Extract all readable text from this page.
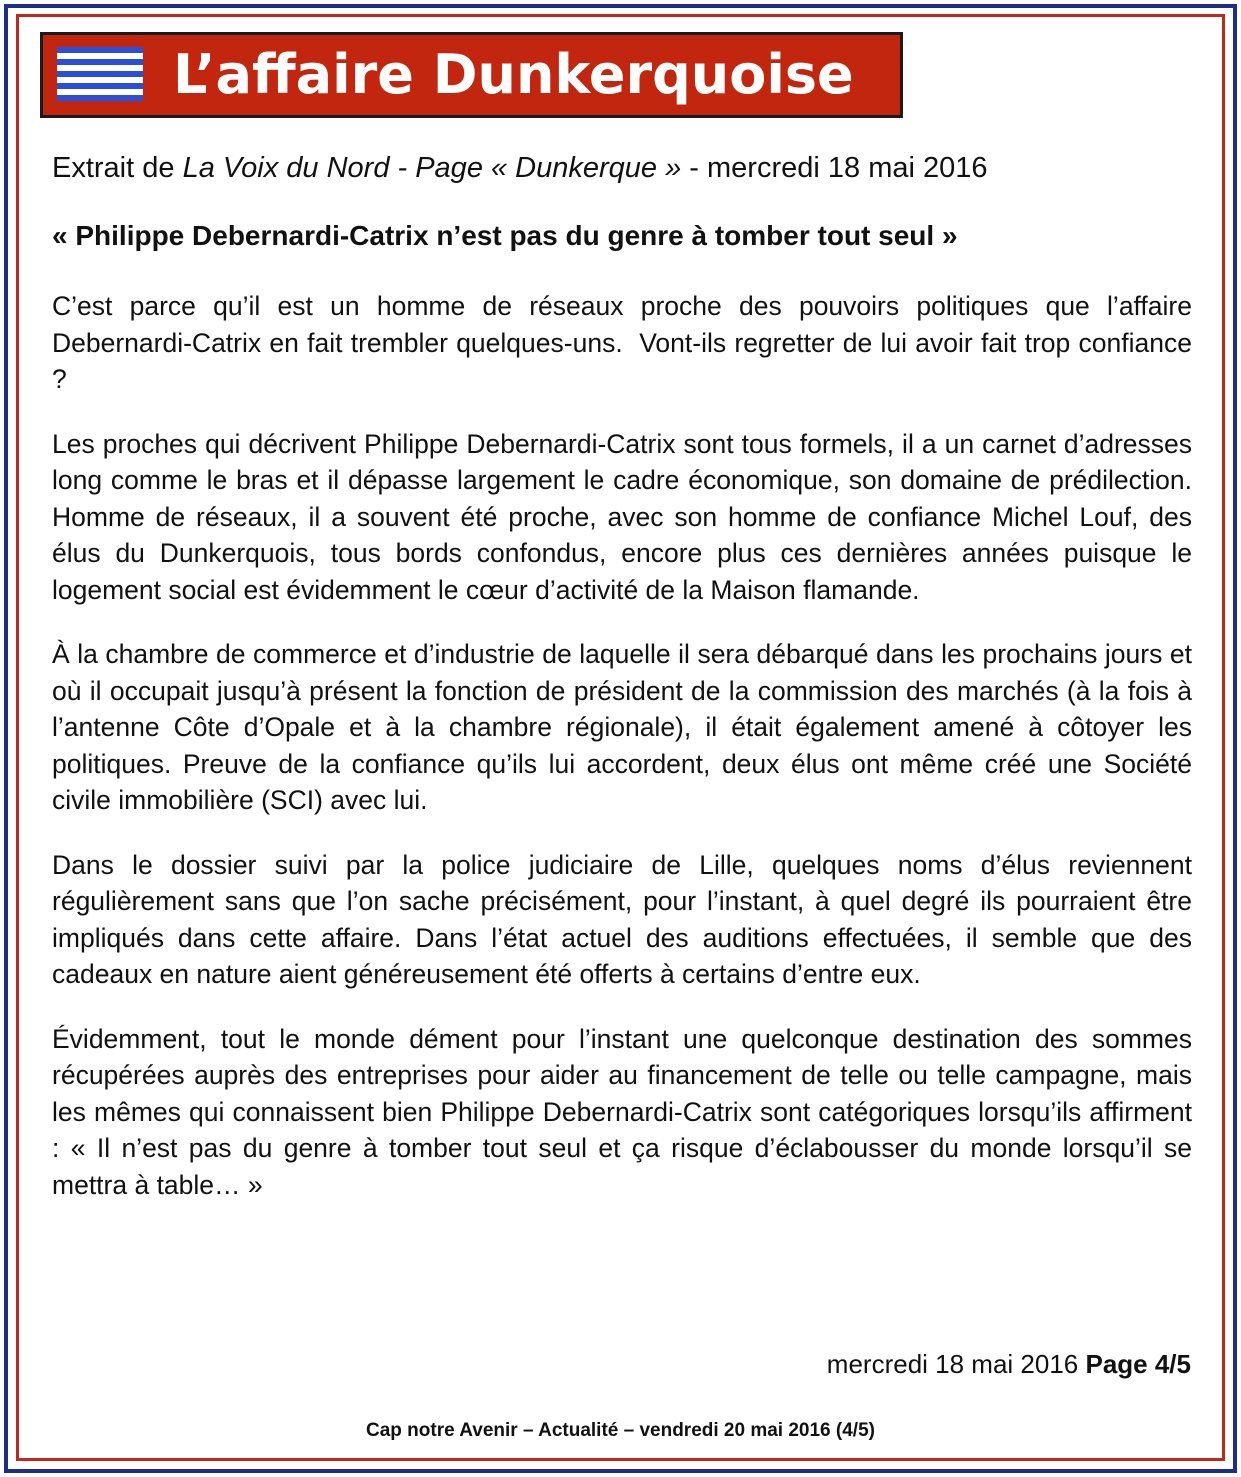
L’affaire Dunkerquoise
Extrait de La Voix du Nord - Page « Dunkerque » - mercredi 18 mai 2016
« Philippe Debernardi-Catrix n’est pas du genre à tomber tout seul »

C’est parce qu’il est un homme de réseaux proche des pouvoirs politiques que l’affaire Debernardi-Catrix en fait trembler quelques-uns.  Vont-ils regretter de lui avoir fait trop confiance ?

Les proches qui décrivent Philippe Debernardi-Catrix sont tous formels, il a un carnet d’adresses long comme le bras et il dépasse largement le cadre économique, son domaine de prédilection. Homme de réseaux, il a souvent été proche, avec son homme de confiance Michel Louf, des élus du Dunkerquois, tous bords confondus, encore plus ces dernières années puisque le logement social est évidemment le cœur d’activité de la Maison flamande.

À la chambre de commerce et d’industrie de laquelle il sera débarqué dans les prochains jours et où il occupait jusqu’à présent la fonction de président de la commission des marchés (à la fois à l’antenne Côte d’Opale et à la chambre régionale), il était également amené à côtoyer les politiques. Preuve de la confiance qu’ils lui accordent, deux élus ont même créé une Société civile immobilière (SCI) avec lui.

Dans le dossier suivi par la police judiciaire de Lille, quelques noms d’élus reviennent régulièrement sans que l’on sache précisément, pour l’instant, à quel degré ils pourraient être impliqués dans cette affaire. Dans l’état actuel des auditions effectuées, il semble que des cadeaux en nature aient généreusement été offerts à certains d’entre eux.

Évidemment, tout le monde dément pour l’instant une quelconque destination des sommes récupérées auprès des entreprises pour aider au financement de telle ou telle campagne, mais les mêmes qui connaissent bien Philippe Debernardi-Catrix sont catégoriques lorsqu’ils affirment : « Il n’est pas du genre à tomber tout seul et ça risque d’éclabousser du monde lorsqu’il se mettra à table… »

mercredi 18 mai 2016 Page 4/5
Cap notre Avenir – Actualité – vendredi 20 mai 2016 (4/5)
